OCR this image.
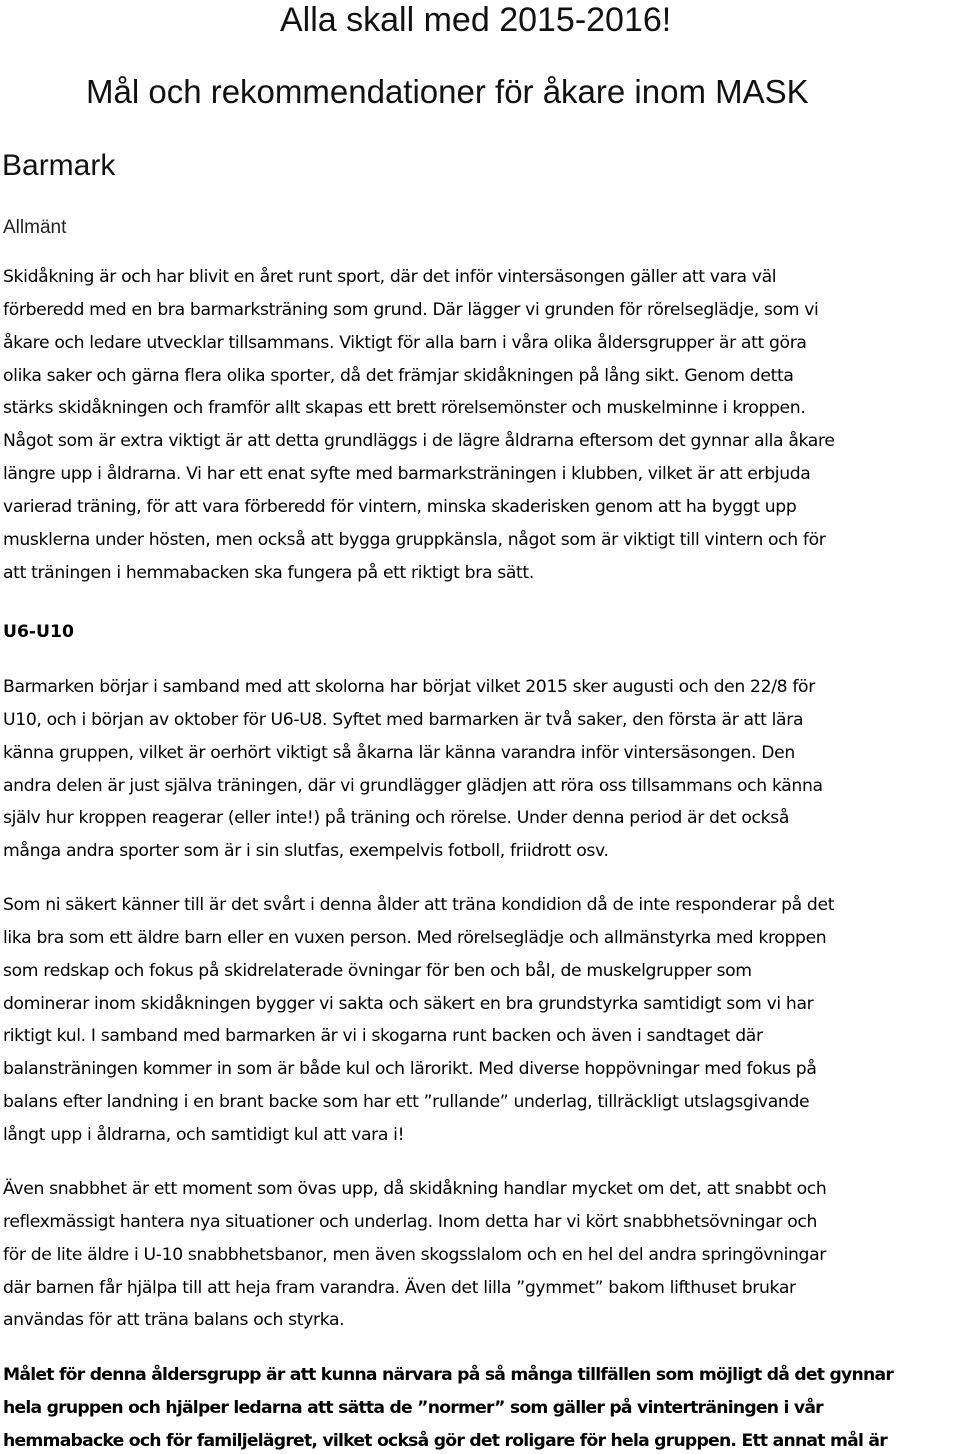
Alla skall med 2015-2016!
Mål och rekommendationer för åkare inom MASK
Barmark
Allmänt

Skidåkning är och har blivit en året runt sport, där det inför vintersäsongen gäller att vara väl
förberedd med en bra barmarksträning som grund. Där lägger vi grunden för rörelseglädje, som vi
åkare och ledare utvecklar tillsammans. Viktigt för alla barn i våra olika åldersgrupper är att göra
olika saker och gärna flera olika sporter, då det främjar skidåkningen på lång sikt. Genom detta
stärks skidåkningen och framför allt skapas ett brett rörelsemönster och muskelminne i kroppen.
Något som är extra viktigt är att detta grundläggs i de lägre åldrarna eftersom det gynnar alla åkare
längre upp i åldrarna. Vi har ett enat syfte med barmarksträningen i klubben, vilket är att erbjuda
varierad träning, för att vara förberedd för vintern, minska skaderisken genom att ha byggt upp
musklerna under hösten, men också att bygga gruppkänsla, något som är viktigt till vintern och för
att träningen i hemmabacken ska fungera på ett riktigt bra sätt.

U6-U10

Barmarken börjar i samband med att skolorna har börjat vilket 2015 sker augusti och den 22/8 för
U10, och i början av oktober för U6-U8. Syftet med barmarken är två saker, den första är att lära
känna gruppen, vilket är oerhört viktigt så åkarna lär känna varandra inför vintersäsongen. Den
andra delen är just själva träningen, där vi grundlägger glädjen att röra oss tillsammans och känna
själv hur kroppen reagerar (eller inte!) på träning och rörelse. Under denna period är det också
många andra sporter som är i sin slutfas, exempelvis fotboll, friidrott osv.

Som ni säkert känner till är det svårt i denna ålder att träna kondidion då de inte responderar på det
lika bra som ett äldre barn eller en vuxen person. Med rörelseglädje och allmänstyrka med kroppen
som redskap och fokus på skidrelaterade övningar för ben och bål, de muskelgrupper som
dominerar inom skidåkningen bygger vi sakta och säkert en bra grundstyrka samtidigt som vi har
riktigt kul. I samband med barmarken är vi i skogarna runt backen och även i sandtaget där
balansträningen kommer in som är både kul och lärorikt. Med diverse hoppövningar med fokus på
balans efter landning i en brant backe som har ett ”rullande” underlag, tillräckligt utslagsgivande
långt upp i åldrarna, och samtidigt kul att vara i!

Även snabbhet är ett moment som övas upp, då skidåkning handlar mycket om det, att snabbt och
reflexmässigt hantera nya situationer och underlag. Inom detta har vi kört snabbhetsövningar och
för de lite äldre i U-10 snabbhetsbanor, men även skogsslalom och en hel del andra springövningar
där barnen får hjälpa till att heja fram varandra. Även det lilla ”gymmet” bakom lifthuset brukar
användas för att träna balans och styrka.

Målet för denna åldersgrupp är att kunna närvara på så många tillfällen som möjligt då det gynnar
hela gruppen och hjälper ledarna att sätta de ”normer” som gäller på vinterträningen i vår
hemmabacke och för familjelägret, vilket också gör det roligare för hela gruppen. Ett annat mål är
